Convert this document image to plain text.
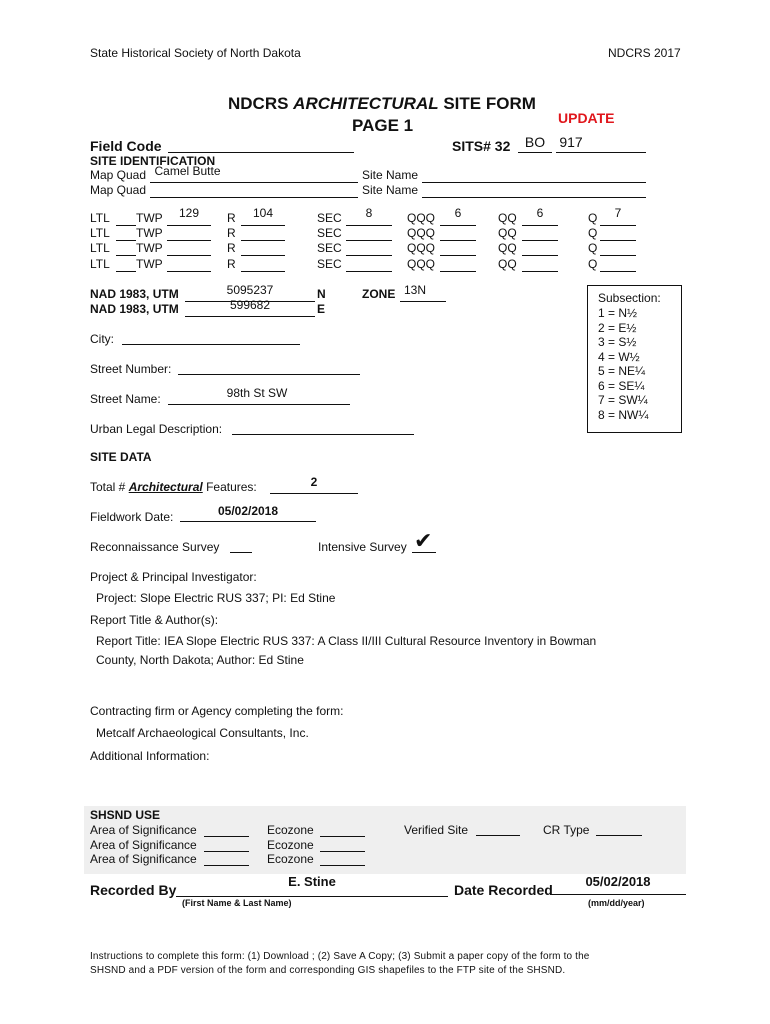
State Historical Society of North Dakota	NDCRS 2017
NDCRS ARCHITECTURAL SITE FORM
PAGE 1	UPDATE
Field Code	SITS# 32	BO	917
SITE IDENTIFICATION
Map Quad Camel Butte	Site Name
Map Quad	Site Name
LTL TWP	129	R	104	SEC	8	QQQ	6	QQ	6	Q	7
LTL TWP	R	SEC	QQQ	QQ	Q
LTL TWP	R	SEC	QQQ	QQ	Q
LTL TWP	R	SEC	QQQ	QQ	Q
NAD 1983, UTM	5095237	N
NAD 1983, UTM	599682	E
ZONE 13N
Subsection:
1 = N½
2 = E½
3 = S½
4 = W½
5 = NE¼
6 = SE¼
7 = SW¼
8 = NW¼
City:
Street Number:
Street Name:	98th St SW
Urban Legal Description:
SITE DATA
Total # Architectural Features:	2
Fieldwork Date:	05/02/2018
Reconnaissance Survey	Intensive Survey ✔
Project & Principal Investigator:
Project: Slope Electric RUS 337; PI: Ed Stine
Report Title & Author(s):
Report Title: IEA Slope Electric RUS 337: A Class II/III Cultural Resource Inventory in Bowman
County, North Dakota; Author: Ed Stine
Contracting firm or Agency completing the form:
Metcalf Archaeological Consultants, Inc.
Additional Information:
SHSND USE
Area of Significance	Ecozone
Area of Significance	Ecozone
Area of Significance	Ecozone
Verified Site	CR Type
Recorded By
E. Stine
(First Name & Last Name)
Date Recorded
05/02/2018
(mm/dd/year)
Instructions to complete this form: (1) Download ; (2) Save A Copy; (3) Submit a paper copy of the form to the
SHSND and a PDF version of the form and corresponding GIS shapefiles to the FTP site of the SHSND.
